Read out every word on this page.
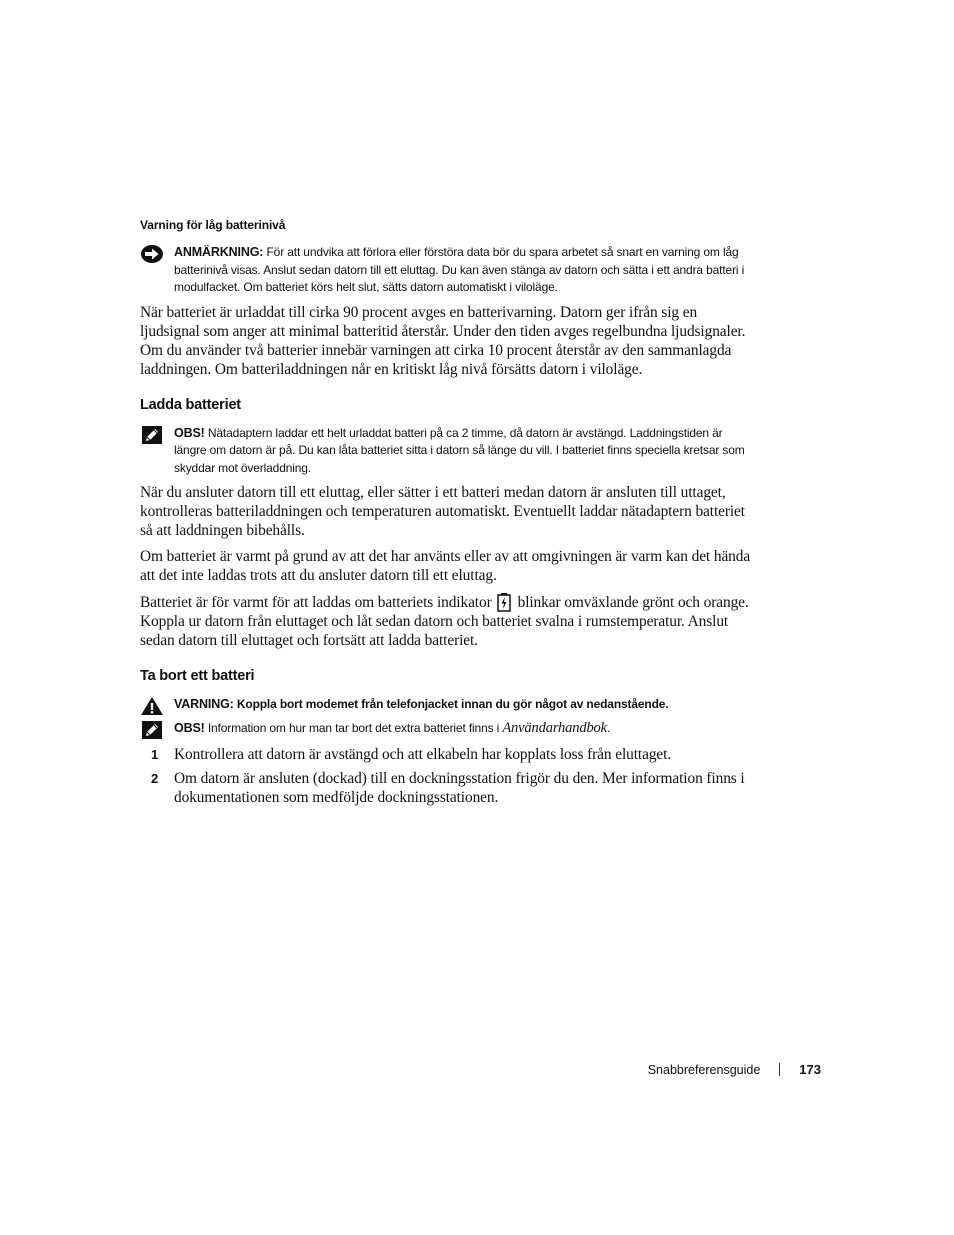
Varning för låg batterinivå
ANMÄRKNING: För att undvika att förlora eller förstöra data bör du spara arbetet så snart en varning om låg batterinivå visas. Anslut sedan datorn till ett eluttag. Du kan även stänga av datorn och sätta i ett andra batteri i modulfacket. Om batteriet körs helt slut, sätts datorn automatiskt i viloläge.

När batteriet är urladdat till cirka 90 procent avges en batterivarning. Datorn ger ifrån sig en ljudsignal som anger att minimal batteritid återstår. Under den tiden avges regelbundna ljudsignaler. Om du använder två batterier innebär varningen att cirka 10 procent återstår av den sammanlagda laddningen. Om batteriladdningen når en kritiskt låg nivå försätts datorn i viloläge.

Ladda batteriet
OBS! Nätadaptern laddar ett helt urladdat batteri på ca 2 timme, då datorn är avstängd. Laddningstiden är längre om datorn är på. Du kan låta batteriet sitta i datorn så länge du vill. I batteriet finns speciella kretsar som skyddar mot överladdning.

När du ansluter datorn till ett eluttag, eller sätter i ett batteri medan datorn är ansluten till uttaget, kontrolleras batteriladdningen och temperaturen automatiskt. Eventuellt laddar nätadaptern batteriet så att laddningen bibehålls.

Om batteriet är varmt på grund av att det har använts eller av att omgivningen är varm kan det hända att det inte laddas trots att du ansluter datorn till ett eluttag.

Batteriet är för varmt för att laddas om batteriets indikator blinkar omväxlande grönt och orange. Koppla ur datorn från eluttaget och låt sedan datorn och batteriet svalna i rumstemperatur. Anslut sedan datorn till eluttaget och fortsätt att ladda batteriet.

Ta bort ett batteri
VARNING: Koppla bort modemet från telefonjacket innan du gör något av nedanstående.
OBS! Information om hur man tar bort det extra batteriet finns i Användarhandbok.
1 Kontrollera att datorn är avstängd och att elkabeln har kopplats loss från eluttaget.
2 Om datorn är ansluten (dockad) till en dockningsstation frigör du den. Mer information finns i dokumentationen som medföljde dockningsstationen.
Snabbreferensguide	173
